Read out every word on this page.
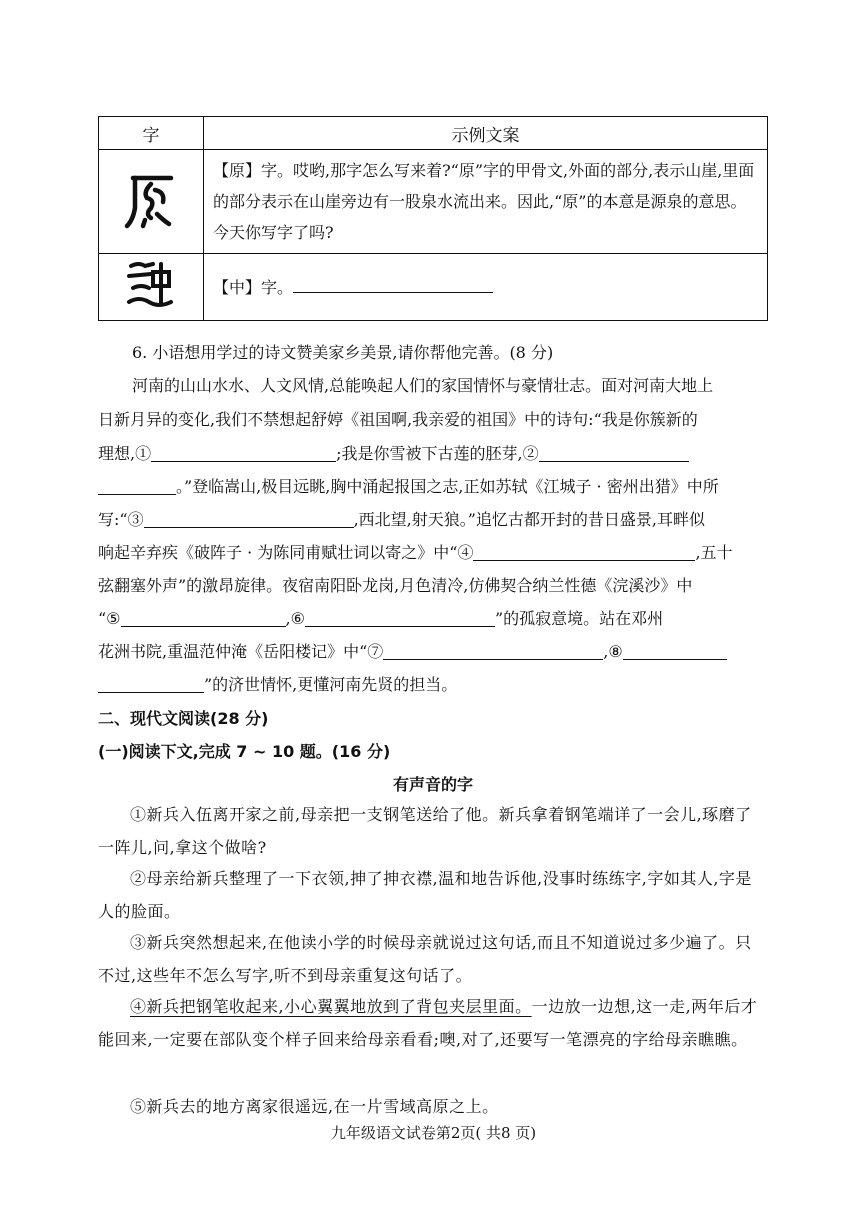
字	示例文案
	【原】字。哎哟,那字怎么写来着?“原”字的甲骨文,外面的部分,表示山崖,里面的部分表示在山崖旁边有一股泉水流出来。因此,“原”的本意是源泉的意思。今天你写字了吗?
	【中】字。
6. 小语想用学过的诗文赞美家乡美景,请你帮他完善。(8 分)
河南的山山水水、人文风情,总能唤起人们的家国情怀与豪情壮志。面对河南大地上
日新月异的变化,我们不禁想起舒婷《祖国啊,我亲爱的祖国》中的诗句:“我是你簇新的
理想,①	;我是你雪被下古莲的胚芽,②
。”登临嵩山,极目远眺,胸中涌起报国之志,正如苏轼《江城子 · 密州出猎》中所
写:“③	,西北望,射天狼。”追忆古都开封的昔日盛景,耳畔似
响起辛弃疾《破阵子 · 为陈同甫赋壮词以寄之》中“④	,五十
弦翻塞外声”的激昂旋律。夜宿南阳卧龙岗,月色清冷,仿佛契合纳兰性德《浣溪沙》中
“⑤	,⑥	”的孤寂意境。站在邓州
花洲书院,重温范仲淹《岳阳楼记》中“⑦	,⑧
”的济世情怀,更懂河南先贤的担当。
二、现代文阅读(28 分)
(一)阅读下文,完成 7 ~ 10 题。(16 分)
有声音的字
①新兵入伍离开家之前,母亲把一支钢笔送给了他。新兵拿着钢笔端详了一会儿,琢磨了一阵儿,问,拿这个做啥?
②母亲给新兵整理了一下衣领,抻了抻衣襟,温和地告诉他,没事时练练字,字如其人,字是人的脸面。
③新兵突然想起来,在他读小学的时候母亲就说过这句话,而且不知道说过多少遍了。只不过,这些年不怎么写字,听不到母亲重复这句话了。
④新兵把钢笔收起来,小心翼翼地放到了背包夹层里面。一边放一边想,这一走,两年后才能回来,一定要在部队变个样子回来给母亲看看;噢,对了,还要写一笔漂亮的字给母亲瞧瞧。
⑤新兵去的地方离家很遥远,在一片雪域高原之上。
九年级语文试卷第2页( 共8 页)
